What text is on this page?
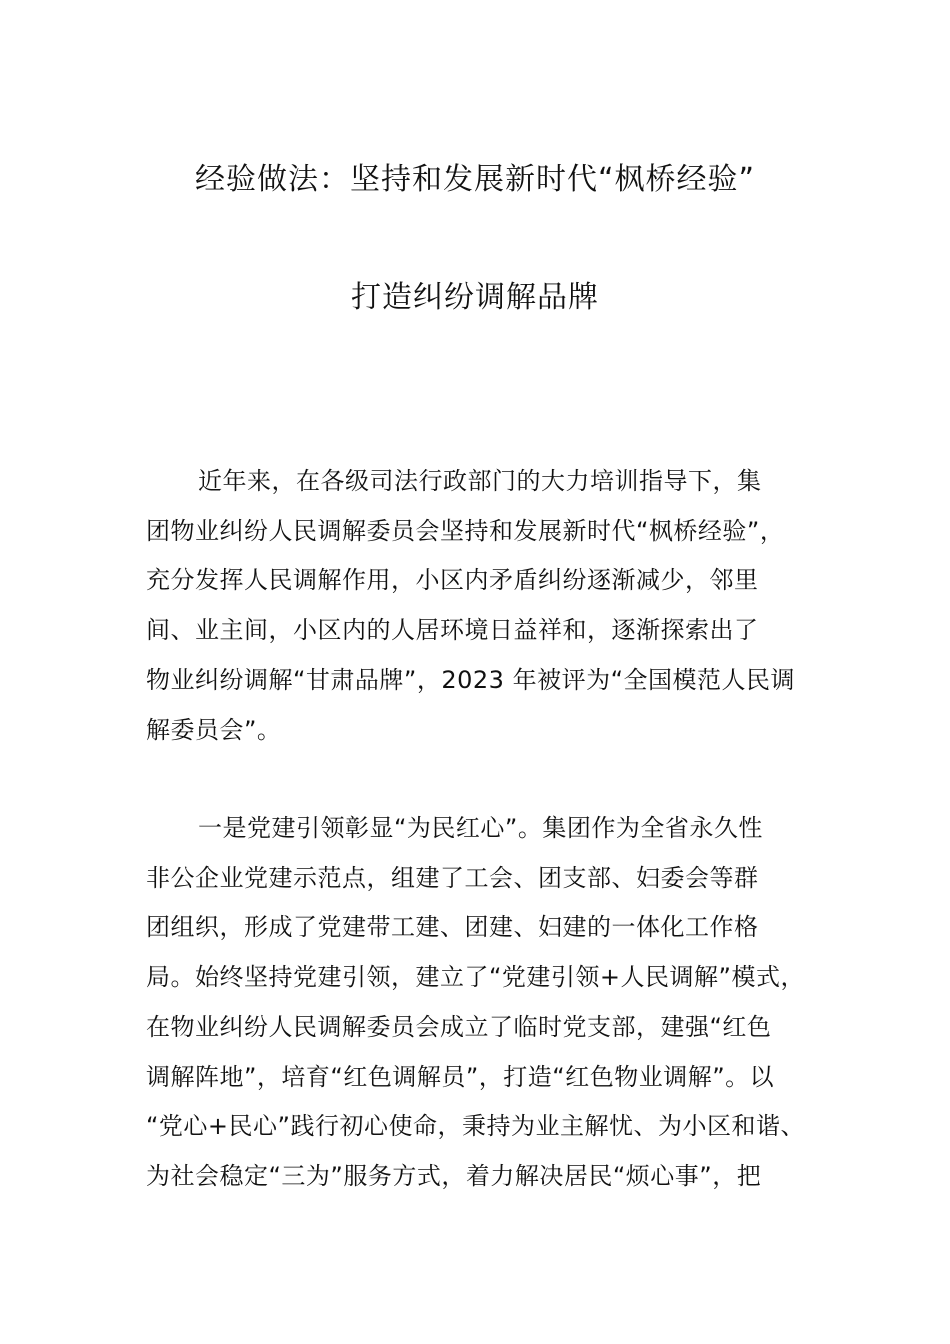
经验做法：坚持和发展新时代“枫桥经验”
打造纠纷调解品牌
近年来，在各级司法行政部门的大力培训指导下，集
团物业纠纷人民调解委员会坚持和发展新时代“枫桥经验”，
充分发挥人民调解作用，小区内矛盾纠纷逐渐减少，邻里
间、业主间，小区内的人居环境日益祥和，逐渐探索出了
物业纠纷调解“甘肃品牌”，2023 年被评为“全国模范人民调
解委员会”。
一是党建引领彰显“为民红心”。集团作为全省永久性
非公企业党建示范点，组建了工会、团支部、妇委会等群
团组织，形成了党建带工建、团建、妇建的一体化工作格
局。始终坚持党建引领，建立了“党建引领+人民调解”模式，
在物业纠纷人民调解委员会成立了临时党支部，建强“红色
调解阵地”，培育“红色调解员”，打造“红色物业调解”。以
“党心+民心”践行初心使命，秉持为业主解忧、为小区和谐、
为社会稳定“三为”服务方式，着力解决居民“烦心事”，把
